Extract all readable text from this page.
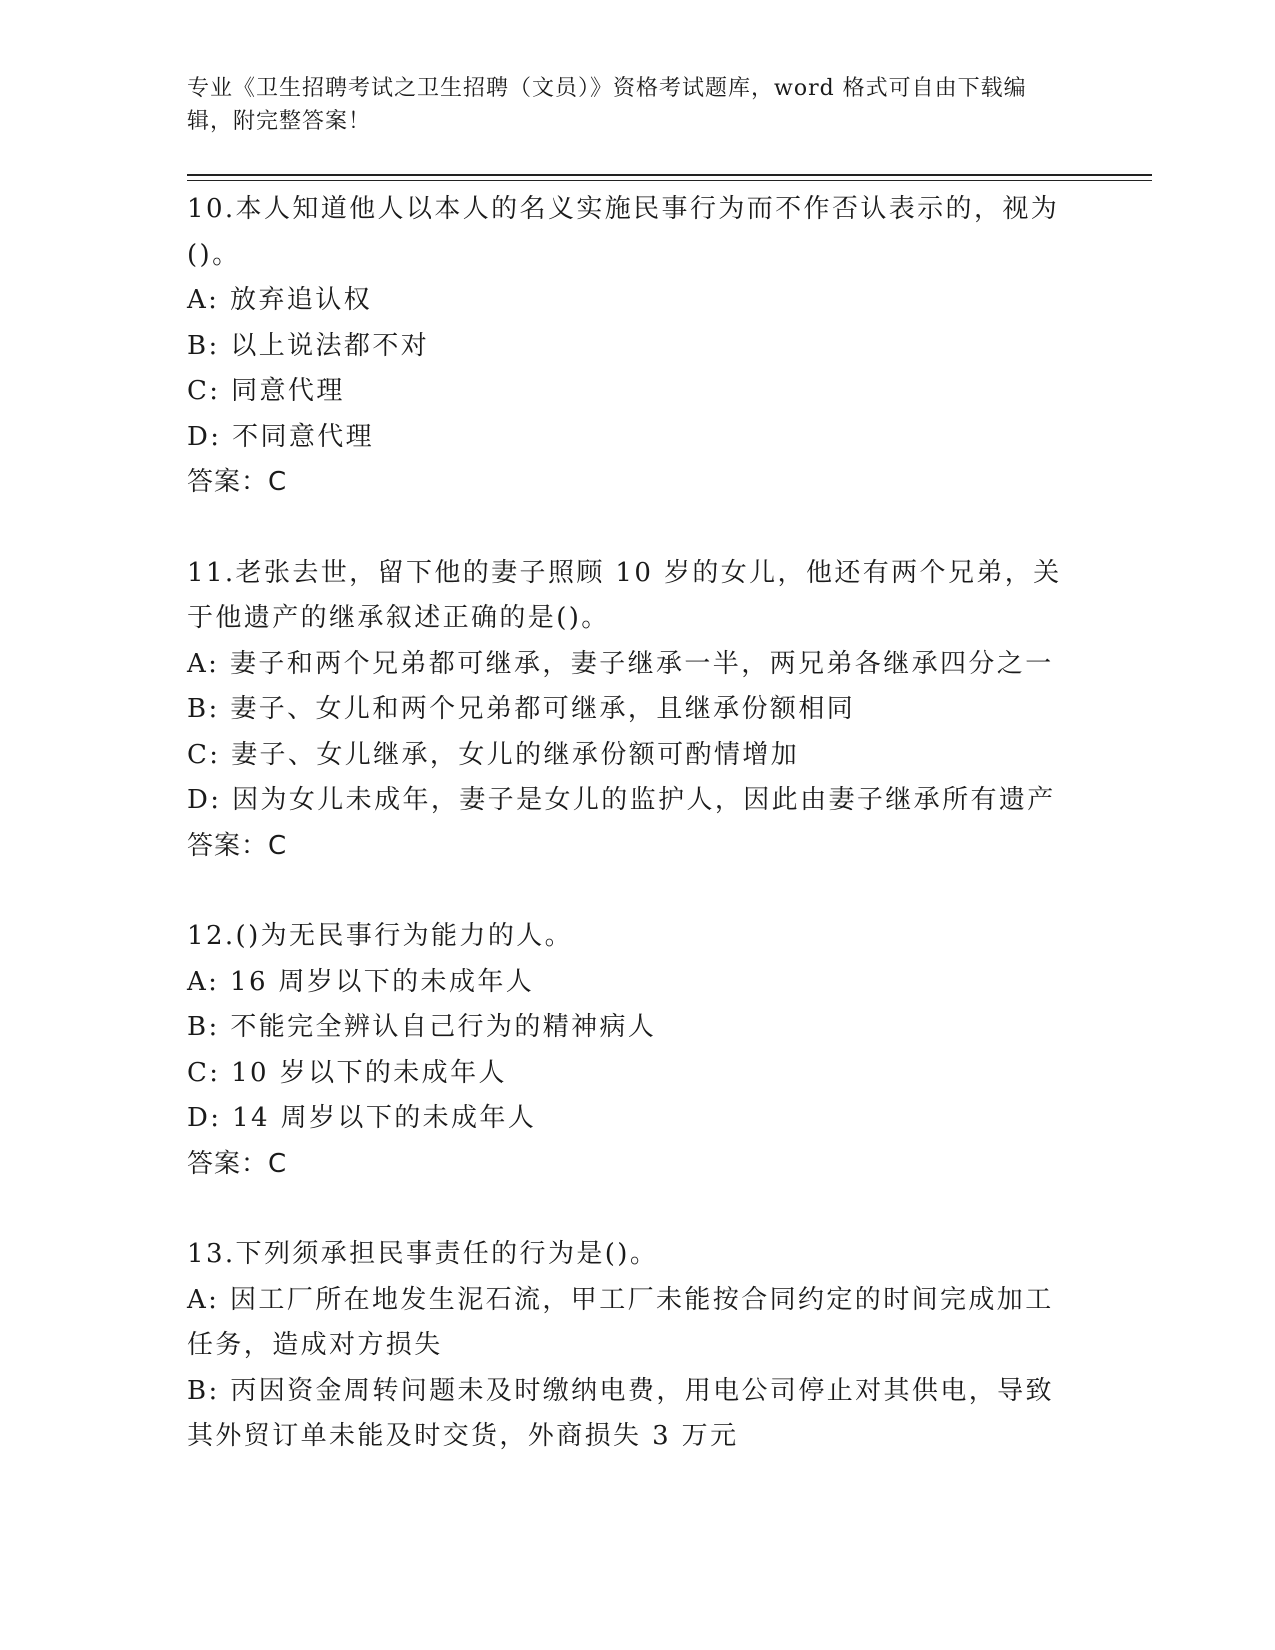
专业《卫生招聘考试之卫生招聘（文员）》资格考试题库，word 格式可自由下载编辑，附完整答案！
10.本人知道他人以本人的名义实施民事行为而不作否认表示的，视为
()。
A: 放弃追认权
B: 以上说法都不对
C: 同意代理
D: 不同意代理
答案：C
11.老张去世，留下他的妻子照顾 10 岁的女儿，他还有两个兄弟，关
于他遗产的继承叙述正确的是()。
A: 妻子和两个兄弟都可继承，妻子继承一半，两兄弟各继承四分之一
B: 妻子、女儿和两个兄弟都可继承，且继承份额相同
C: 妻子、女儿继承，女儿的继承份额可酌情增加
D: 因为女儿未成年，妻子是女儿的监护人，因此由妻子继承所有遗产
答案：C
12.()为无民事行为能力的人。
A: 16 周岁以下的未成年人
B: 不能完全辨认自己行为的精神病人
C: 10 岁以下的未成年人
D: 14 周岁以下的未成年人
答案：C
13.下列须承担民事责任的行为是()。
A: 因工厂所在地发生泥石流，甲工厂未能按合同约定的时间完成加工
任务，造成对方损失
B: 丙因资金周转问题未及时缴纳电费，用电公司停止对其供电，导致
其外贸订单未能及时交货，外商损失 3 万元
